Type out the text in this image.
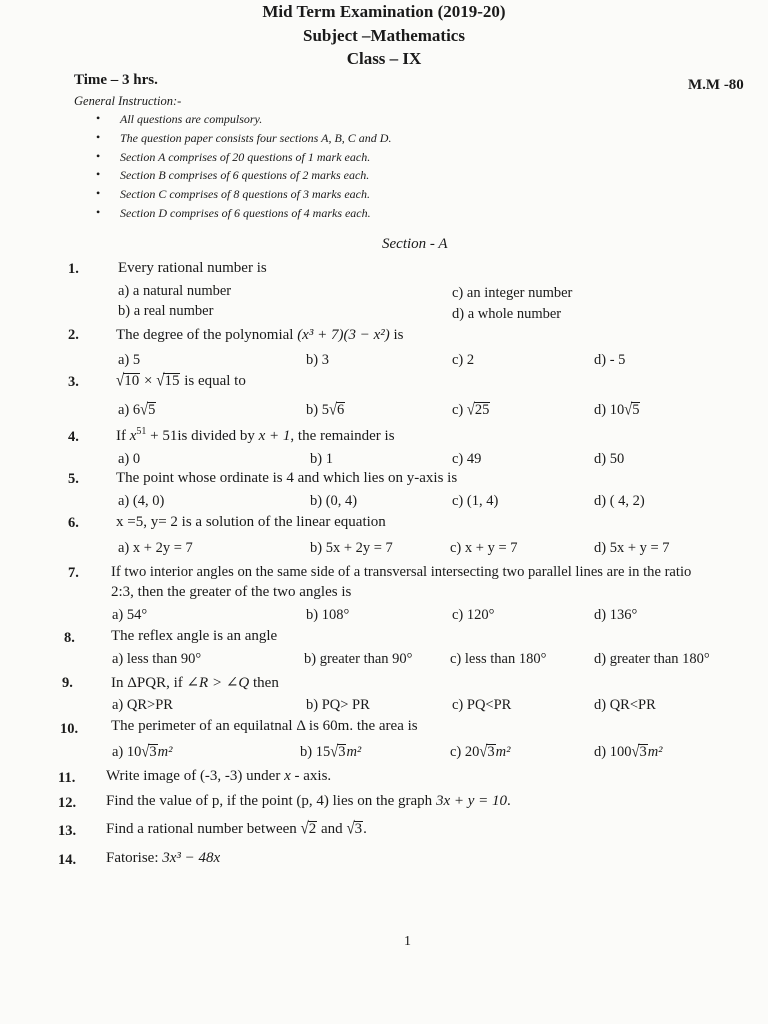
Mid Term Examination (2019-20)
Subject –Mathematics
Class – IX
Time – 3 hrs.	M.M -80
General Instruction:-
• All questions are compulsory.
• The question paper consists four sections A, B, C and D.
• Section A comprises of 20 questions of 1 mark each.
• Section B comprises of 6 questions of 2 marks each.
• Section C comprises of 8 questions of 3 marks each.
• Section D comprises of 6 questions of 4 marks each.
Section - A
1.	Every rational number is
a) a natural number
b) a real number
c) an integer number
d) a whole number
2. The degree of the polynomial (x³ + 7)(3 − x²) is
a) 5	b) 3	c) 2	d) - 5
3. √10 × √15 is equal to
a) 6√5	b) 5√6	c) √25	d) 10√5
4. If $x^{51} + 51is$ divided by x + 1, the remainder is
a) 0	b) 1	c) 49	d) 50
5. The point whose ordinate is 4 and which lies on y-axis is
a) (4, 0)	b) (0, 4)	c) (1, 4)	d) ( 4, 2)
6. x =5, y= 2 is a solution of the linear equation
a) x + 2y = 7	b) 5x + 2y = 7	c) x + y = 7	d) 5x + y = 7
7. If two interior angles on the same side of a transversal intersecting two parallel lines are in the ratio
2:3, then the greater of the two angles is
a) 54°	b) 108°	c) 120°	d) 136°
8. The reflex angle is an angle
a) less than 90°	b) greater than 90°	c) less than 180°	d) greater than 180°
9.	In ΔPQR, if ∠R > ∠Q then
a) QR>PR	b) PQ> PR	c) PQ<PR	d) QR<PR
10. The perimeter of an equilatnal Δ is 60m. the area is
a) 10√3m²	b) 15√3m²	c) 20√3m²	d) 100√3m²
11. Write image of (-3, -3) under x - axis.
12. Find the value of p, if the point (p, 4) lies on the graph 3x + y = 10.
13. Find a rational number between √2 and √3.
14. Fatorise: 3x³ − 48x
1
